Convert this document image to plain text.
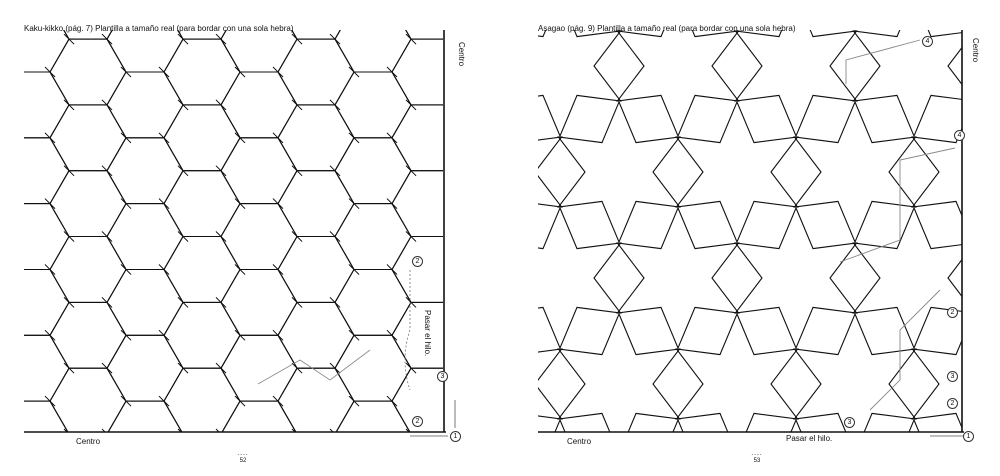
Kaku-kikko (pág. 7) Plantilla a tamaño real (para bordar con una sola hebra)
Centro
Centro
Pasar el hilo.
2
3
2
1
----
52
Asagao (pág. 9) Plantilla a tamaño real (para bordar con una sola hebra)
Centro
Centro	Pasar el hilo.
4
4
2
3
2
3
1
----
53
